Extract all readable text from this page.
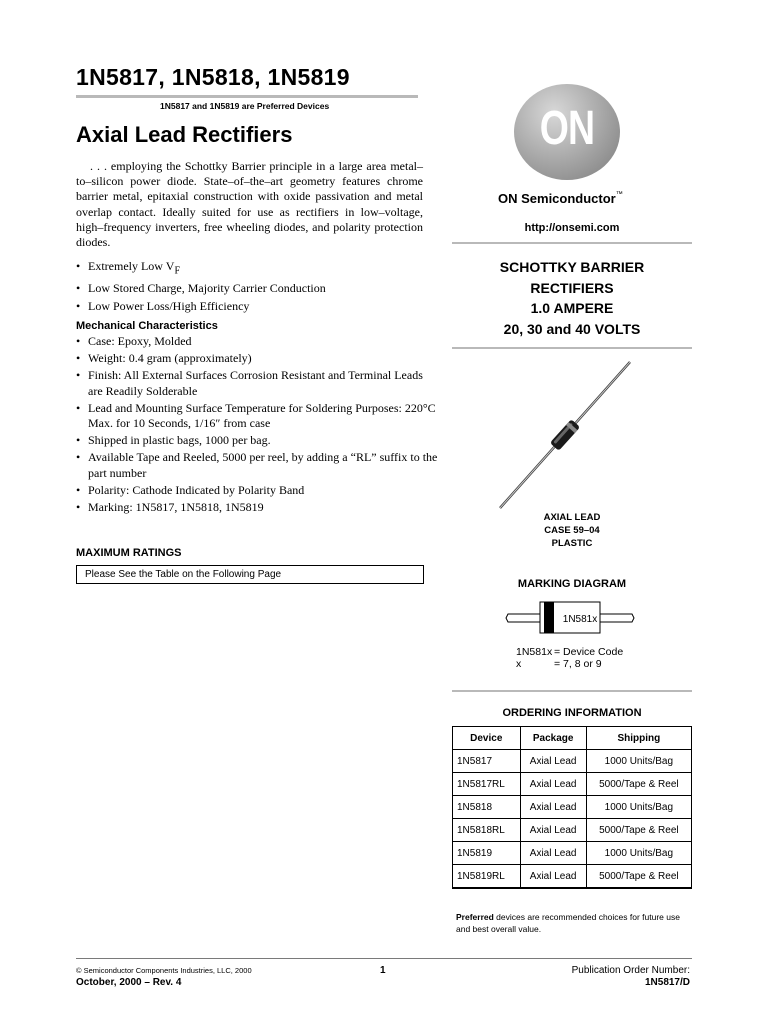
1N5817, 1N5818, 1N5819
1N5817 and 1N5819 are Preferred Devices
Axial Lead Rectifiers
. . . employing the Schottky Barrier principle in a large area metal–to–silicon power diode. State–of–the–art geometry features chrome barrier metal, epitaxial construction with oxide passivation and metal overlap contact. Ideally suited for use as rectifiers in low–voltage, high–frequency inverters, free wheeling diodes, and polarity protection diodes.
• Extremely Low $V_F$
• Low Stored Charge, Majority Carrier Conduction
• Low Power Loss/High Efficiency
Mechanical Characteristics
• Case: Epoxy, Molded
• Weight: 0.4 gram (approximately)
• Finish: All External Surfaces Corrosion Resistant and Terminal Leads are Readily Solderable
• Lead and Mounting Surface Temperature for Soldering Purposes: 220°C Max. for 10 Seconds, 1/16″ from case
• Shipped in plastic bags, 1000 per bag.
• Available Tape and Reeled, 5000 per reel, by adding a “RL” suffix to the part number
• Polarity: Cathode Indicated by Polarity Band
• Marking: 1N5817, 1N5818, 1N5819
MAXIMUM RATINGS
Please See the Table on the Following Page
ON
ON Semiconductor™
http://onsemi.com
SCHOTTKY BARRIER
RECTIFIERS
1.0 AMPERE
20, 30 and 40 VOLTS
AXIAL LEAD
CASE 59–04
PLASTIC
MARKING DIAGRAM
1N581x
1N581x = Device Code
x	= 7, 8 or 9
ORDERING INFORMATION
Device	Package	Shipping
1N5817	Axial Lead	1000 Units/Bag
1N5817RL	Axial Lead	5000/Tape & Reel
1N5818	Axial Lead	1000 Units/Bag
1N5818RL	Axial Lead	5000/Tape & Reel
1N5819	Axial Lead	1000 Units/Bag
1N5819RL	Axial Lead	5000/Tape & Reel
Preferred devices are recommended choices for future use and best overall value.
© Semiconductor Components Industries, LLC, 2000
October, 2000 – Rev. 4
1	Publication Order Number:
1N5817/D
